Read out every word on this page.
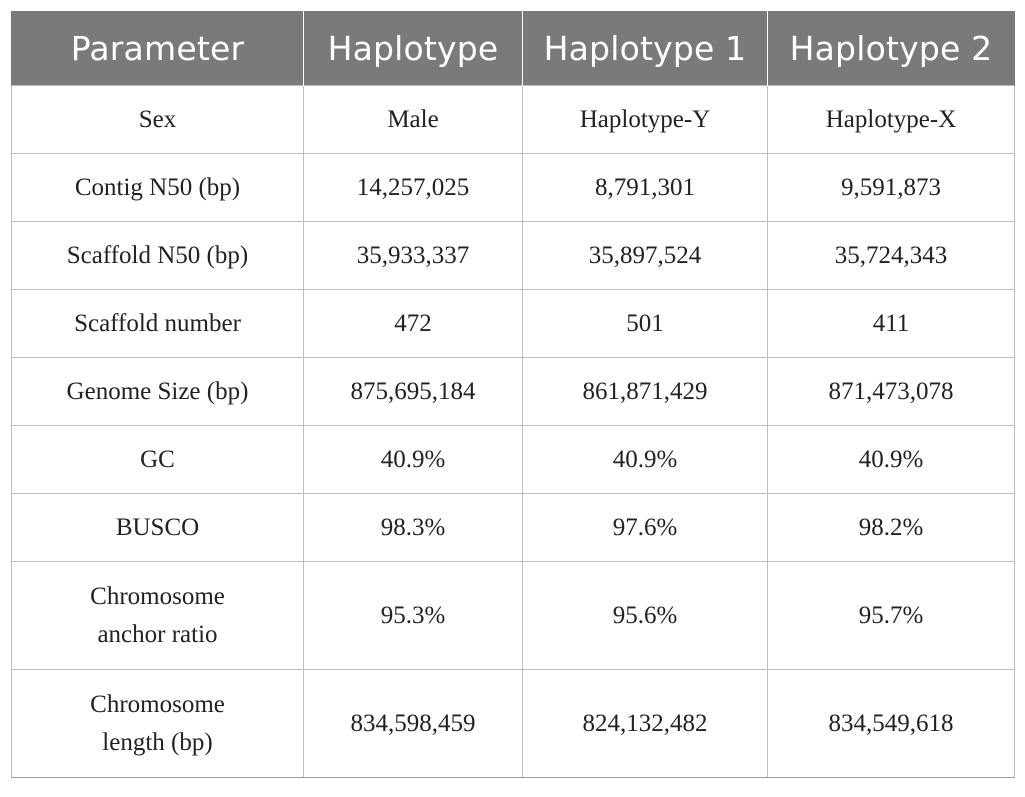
Parameter	Haplotype	Haplotype 1	Haplotype 2
Sex	Male	Haplotype-Y	Haplotype-X
Contig N50 (bp)	14,257,025	8,791,301	9,591,873
Scaffold N50 (bp)	35,933,337	35,897,524	35,724,343
Scaffold number	472	501	411
Genome Size (bp)	875,695,184	861,871,429	871,473,078
GC	40.9%	40.9%	40.9%
BUSCO	98.3%	97.6%	98.2%
Chromosome anchor ratio	95.3%	95.6%	95.7%
Chromosome length (bp)	834,598,459	824,132,482	834,549,618
